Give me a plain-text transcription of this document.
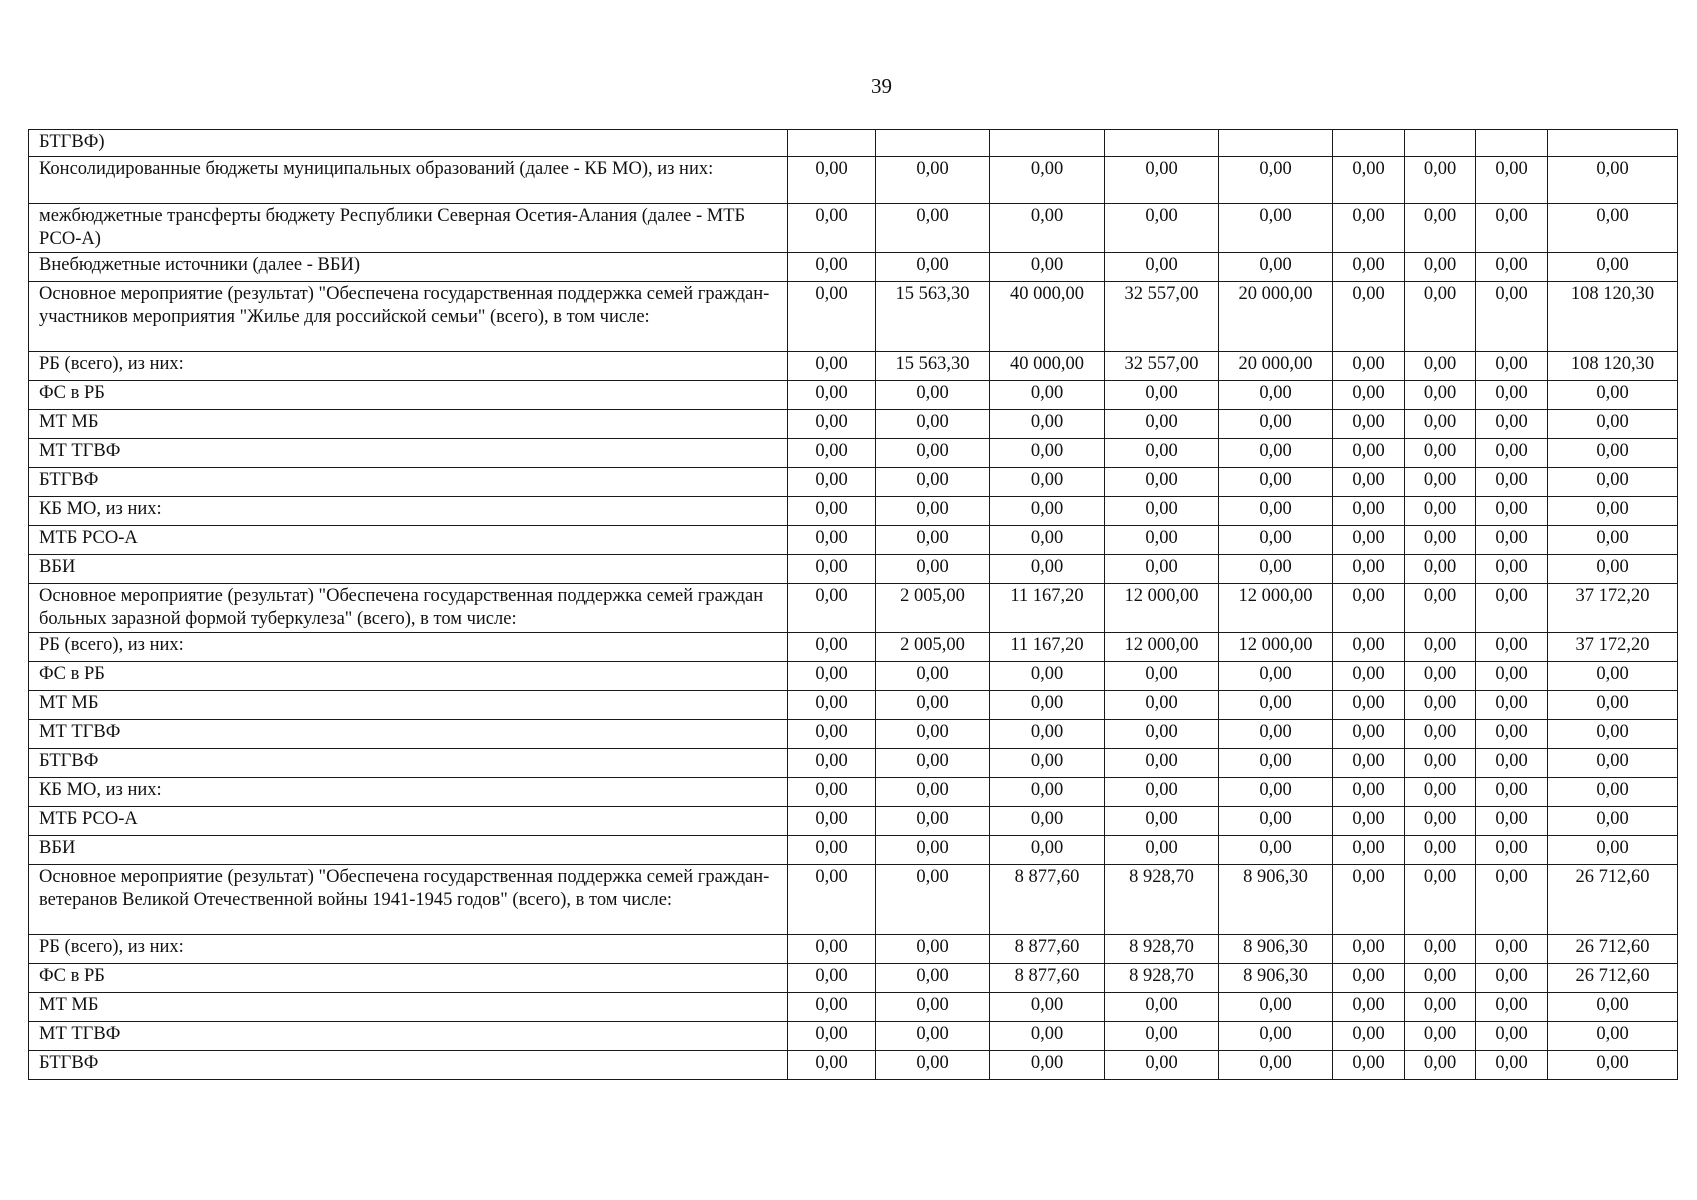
39
БТГВФ)									
Консолидированные бюджеты муниципальных образований (далее - КБ МО), из них:	0,00	0,00	0,00	0,00	0,00	0,00	0,00	0,00	0,00
межбюджетные трансферты бюджету Республики Северная Осетия-Алания (далее - МТБ РСО-А)	0,00	0,00	0,00	0,00	0,00	0,00	0,00	0,00	0,00
Внебюджетные источники (далее - ВБИ)	0,00	0,00	0,00	0,00	0,00	0,00	0,00	0,00	0,00
Основное мероприятие (результат) "Обеспечена государственная поддержка семей граждан-участников мероприятия "Жилье для российской семьи" (всего), в том числе:	0,00	15 563,30	40 000,00	32 557,00	20 000,00	0,00	0,00	0,00	108 120,30
РБ (всего), из них:	0,00	15 563,30	40 000,00	32 557,00	20 000,00	0,00	0,00	0,00	108 120,30
ФС в РБ	0,00	0,00	0,00	0,00	0,00	0,00	0,00	0,00	0,00
МТ МБ	0,00	0,00	0,00	0,00	0,00	0,00	0,00	0,00	0,00
МТ ТГВФ	0,00	0,00	0,00	0,00	0,00	0,00	0,00	0,00	0,00
БТГВФ	0,00	0,00	0,00	0,00	0,00	0,00	0,00	0,00	0,00
КБ МО, из них:	0,00	0,00	0,00	0,00	0,00	0,00	0,00	0,00	0,00
МТБ РСО-А	0,00	0,00	0,00	0,00	0,00	0,00	0,00	0,00	0,00
ВБИ	0,00	0,00	0,00	0,00	0,00	0,00	0,00	0,00	0,00
Основное мероприятие (результат) "Обеспечена государственная поддержка семей граждан больных заразной формой туберкулеза" (всего), в том числе:	0,00	2 005,00	11 167,20	12 000,00	12 000,00	0,00	0,00	0,00	37 172,20
РБ (всего), из них:	0,00	2 005,00	11 167,20	12 000,00	12 000,00	0,00	0,00	0,00	37 172,20
ФС в РБ	0,00	0,00	0,00	0,00	0,00	0,00	0,00	0,00	0,00
МТ МБ	0,00	0,00	0,00	0,00	0,00	0,00	0,00	0,00	0,00
МТ ТГВФ	0,00	0,00	0,00	0,00	0,00	0,00	0,00	0,00	0,00
БТГВФ	0,00	0,00	0,00	0,00	0,00	0,00	0,00	0,00	0,00
КБ МО, из них:	0,00	0,00	0,00	0,00	0,00	0,00	0,00	0,00	0,00
МТБ РСО-А	0,00	0,00	0,00	0,00	0,00	0,00	0,00	0,00	0,00
ВБИ	0,00	0,00	0,00	0,00	0,00	0,00	0,00	0,00	0,00
Основное мероприятие (результат) "Обеспечена государственная поддержка семей граждан-ветеранов Великой Отечественной войны 1941-1945 годов" (всего), в том числе:	0,00	0,00	8 877,60	8 928,70	8 906,30	0,00	0,00	0,00	26 712,60
РБ (всего), из них:	0,00	0,00	8 877,60	8 928,70	8 906,30	0,00	0,00	0,00	26 712,60
ФС в РБ	0,00	0,00	8 877,60	8 928,70	8 906,30	0,00	0,00	0,00	26 712,60
МТ МБ	0,00	0,00	0,00	0,00	0,00	0,00	0,00	0,00	0,00
МТ ТГВФ	0,00	0,00	0,00	0,00	0,00	0,00	0,00	0,00	0,00
БТГВФ	0,00	0,00	0,00	0,00	0,00	0,00	0,00	0,00	0,00
